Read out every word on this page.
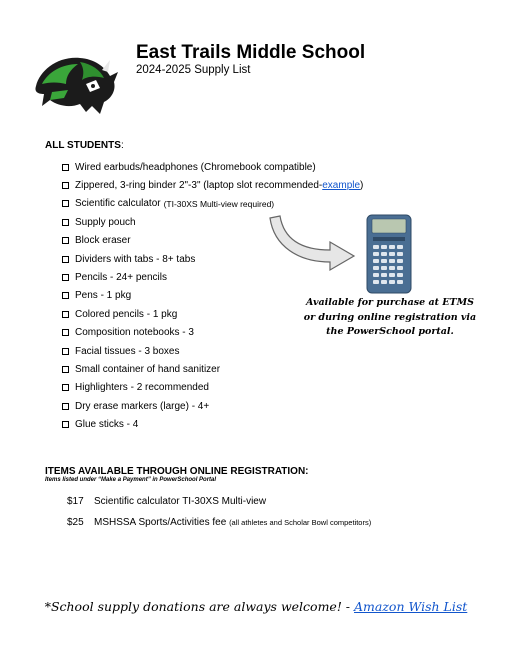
East Trails Middle School
2024-2025 Supply List
ALL STUDENTS:
Wired earbuds/headphones (Chromebook compatible)
Zippered, 3-ring binder 2"-3" (laptop slot recommended- example )
Scientific calculator (TI-30XS Multi-view required)
Supply pouch
Block eraser
Dividers with tabs - 8+ tabs
Pencils - 24+ pencils
Pens - 1 pkg
Colored pencils - 1 pkg
Composition notebooks - 3
Facial tissues - 3 boxes
Small container of hand sanitizer
Highlighters - 2 recommended
Dry erase markers (large) - 4+
Glue sticks - 4
Available for purchase at ETMS
or during online registration via
the PowerSchool portal.
ITEMS AVAILABLE THROUGH ONLINE REGISTRATION:
Items listed under “Make a Payment” in PowerSchool Portal
$17 Scientific calculator TI-30XS Multi-view
$25 MSHSSA Sports/Activities fee (all athletes and Scholar Bowl competitors)
*School supply donations are always welcome! - Amazon Wish List
